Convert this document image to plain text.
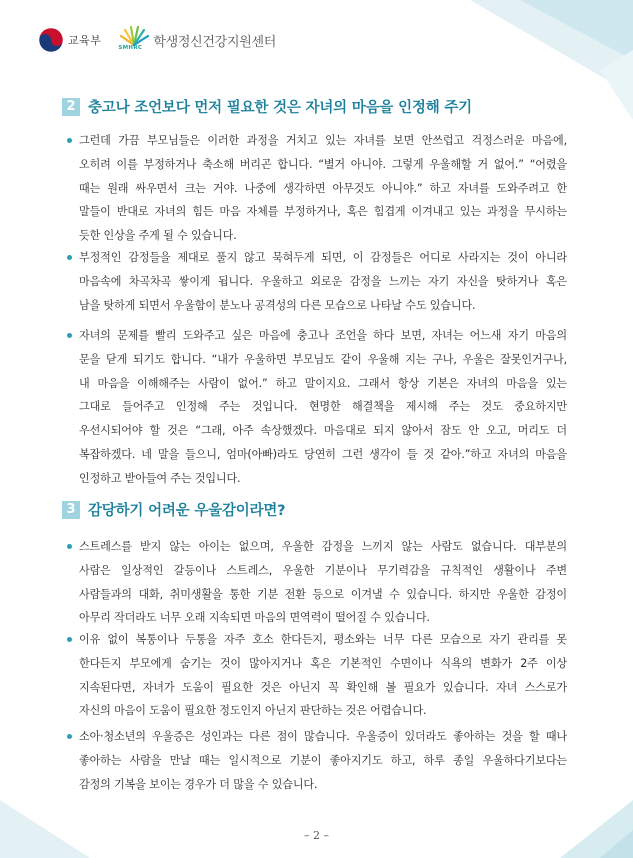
교육부
SMHRC 학생정신건강지원센터
2 충고나 조언보다 먼저 필요한 것은 자녀의 마음을 인정해 주기
그런데 가끔 부모님들은 이러한 과정을 거치고 있는 자녀를 보면 안쓰럽고 걱정스러운 마음에,
오히려 이를 부정하거나 축소해 버리곤 합니다. “별거 아니야. 그렇게 우울해할 거 없어.” “어렸을
때는 원래 싸우면서 크는 거야. 나중에 생각하면 아무것도 아니야.” 하고 자녀를 도와주려고 한
말들이 반대로 자녀의 힘든 마음 자체를 부정하거나, 혹은 힘겹게 이겨내고 있는 과정을 무시하는
듯한 인상을 주게 될 수 있습니다.
부정적인 감정들을 제대로 풀지 않고 묵혀두게 되면, 이 감정들은 어디로 사라지는 것이 아니라
마음속에 차곡차곡 쌓이게 됩니다. 우울하고 외로운 감정을 느끼는 자기 자신을 탓하거나 혹은
남을 탓하게 되면서 우울함이 분노나 공격성의 다른 모습으로 나타날 수도 있습니다.
자녀의 문제를 빨리 도와주고 싶은 마음에 충고나 조언을 하다 보면, 자녀는 어느새 자기 마음의
문을 닫게 되기도 합니다. “내가 우울하면 부모님도 같이 우울해 지는 구나, 우울은 잘못인거구나,
내 마음을 이해해주는 사람이 없어.” 하고 말이지요. 그래서 항상 기본은 자녀의 마음을 있는
그대로 들어주고 인정해 주는 것입니다. 현명한 해결책을 제시해 주는 것도 중요하지만
우선시되어야 할 것은 “그래, 아주 속상했겠다. 마음대로 되지 않아서 잠도 안 오고, 머리도 더
복잡하겠다. 네 말을 들으니, 엄마(아빠)라도 당연히 그런 생각이 들 것 같아.”하고 자녀의 마음을
인정하고 받아들여 주는 것입니다.
3 감당하기 어려운 우울감이라면?
스트레스를 받지 않는 아이는 없으며, 우울한 감정을 느끼지 않는 사람도 없습니다. 대부분의
사람은 일상적인 갈등이나 스트레스, 우울한 기분이나 무기력감을 규칙적인 생활이나 주변
사람들과의 대화, 취미생활을 통한 기분 전환 등으로 이겨낼 수 있습니다. 하지만 우울한 감정이
아무리 작더라도 너무 오래 지속되면 마음의 면역력이 떨어질 수 있습니다.
이유 없이 복통이나 두통을 자주 호소 한다든지, 평소와는 너무 다른 모습으로 자기 관리를 못
한다든지 부모에게 숨기는 것이 많아지거나 혹은 기본적인 수면이나 식욕의 변화가 2주 이상
지속된다면, 자녀가 도움이 필요한 것은 아닌지 꼭 확인해 볼 필요가 있습니다. 자녀 스스로가
자신의 마음이 도움이 필요한 정도인지 아닌지 판단하는 것은 어렵습니다.
소아·청소년의 우울증은 성인과는 다른 점이 많습니다. 우울증이 있더라도 좋아하는 것을 할 때나
좋아하는 사람을 만날 때는 일시적으로 기분이 좋아지기도 하고, 하루 종일 우울하다기보다는
감정의 기복을 보이는 경우가 더 많을 수 있습니다.
– 2 –
